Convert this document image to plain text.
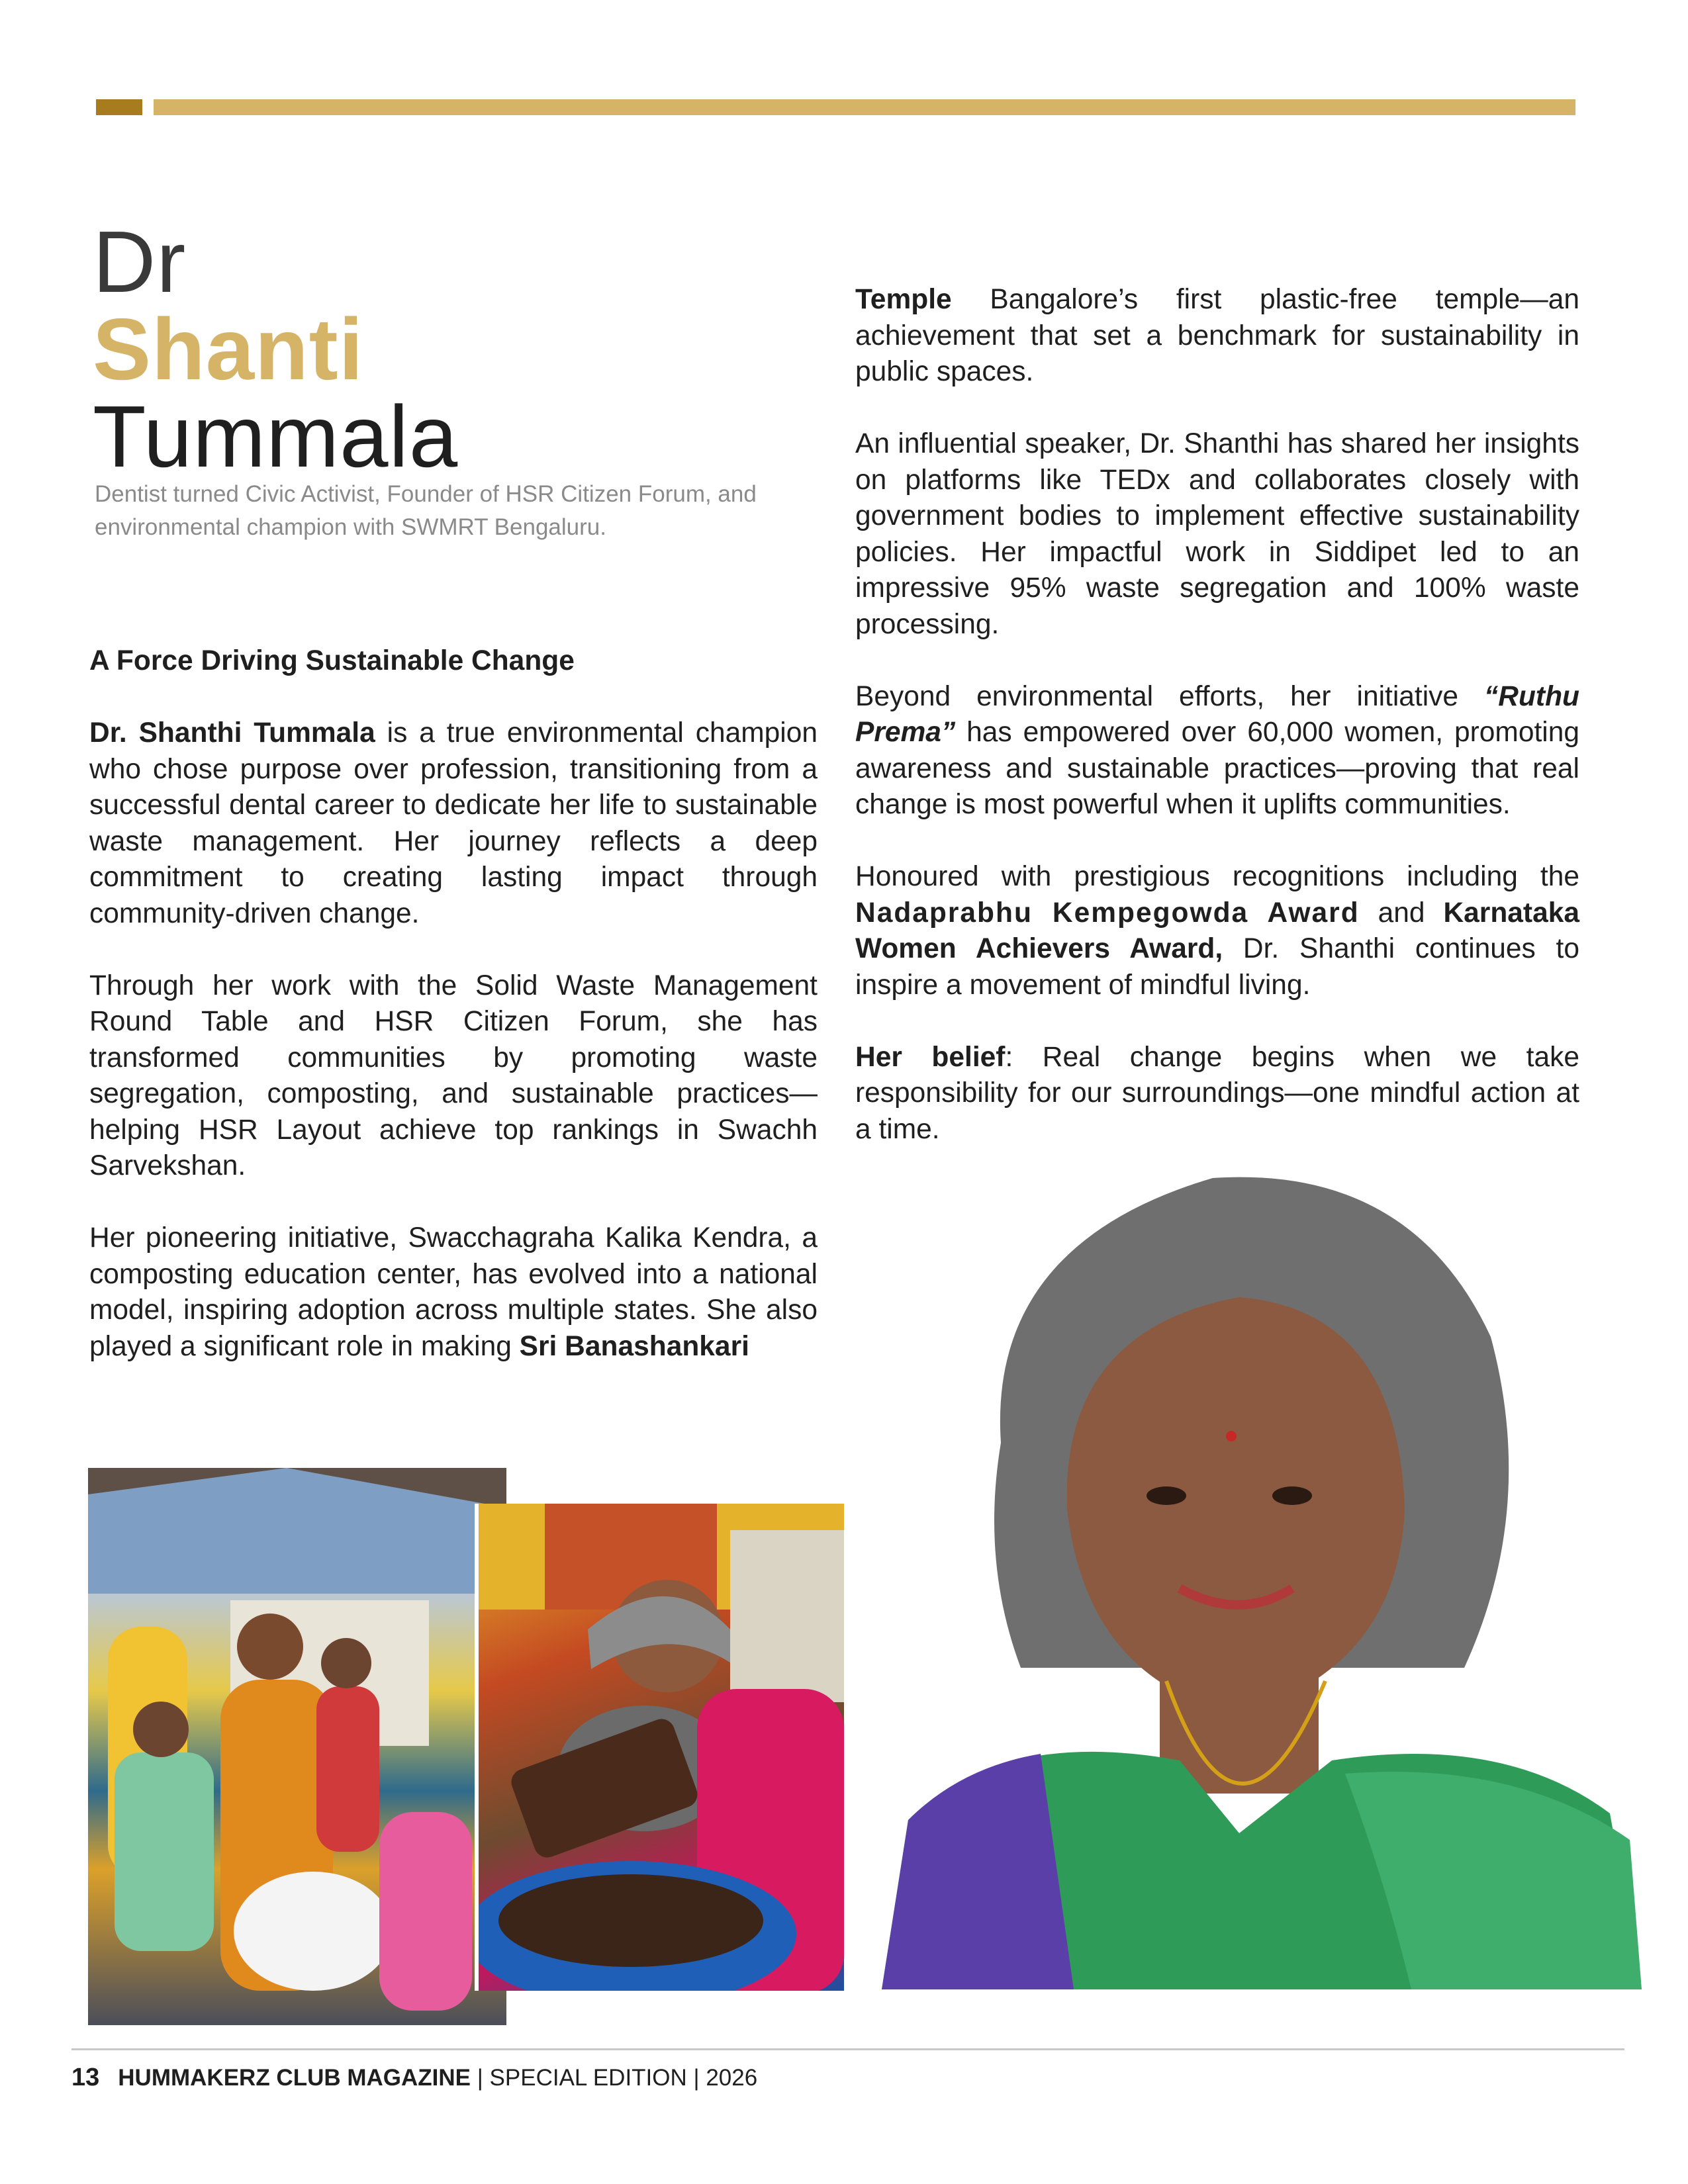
Dr
Shanti
Tummala
Dentist turned Civic Activist, Founder of HSR Citizen Forum, and environmental champion with SWMRT Bengaluru.
A Force Driving Sustainable Change

Dr. Shanthi Tummala is a true environmental champion who chose purpose over profession, transitioning from a successful dental career to dedicate her life to sustainable waste management. Her journey reflects a deep commitment to creating lasting impact through community-driven change.

Through her work with the Solid Waste Management Round Table and HSR Citizen Forum, she has transformed communities by promoting waste segregation, composting, and sustainable practices—helping HSR Layout achieve top rankings in Swachh Sarvekshan.

Her pioneering initiative, Swacchagraha Kalika Kendra, a composting education center, has evolved into a national model, inspiring adoption across multiple states. She also played a significant role in making Sri Banashankari

Temple Bangalore’s first plastic-free temple—an achievement that set a benchmark for sustainability in public spaces.

An influential speaker, Dr. Shanthi has shared her insights on platforms like TEDx and collaborates closely with government bodies to implement effective sustainability policies. Her impactful work in Siddipet led to an impressive 95% waste segregation and 100% waste processing.

Beyond environmental efforts, her initiative “Ruthu Prema” has empowered over 60,000 women, promoting awareness and sustainable practices—proving that real change is most powerful when it uplifts communities.

Honoured with prestigious recognitions including the Nadaprabhu Kempegowda Award and Karnataka Women Achievers Award, Dr. Shanthi continues to inspire a movement of mindful living.

Her belief: Real change begins when we take responsibility for our surroundings—one mindful action at a time.

13 HUMMAKERZ CLUB MAGAZINE | SPECIAL EDITION | 2026
